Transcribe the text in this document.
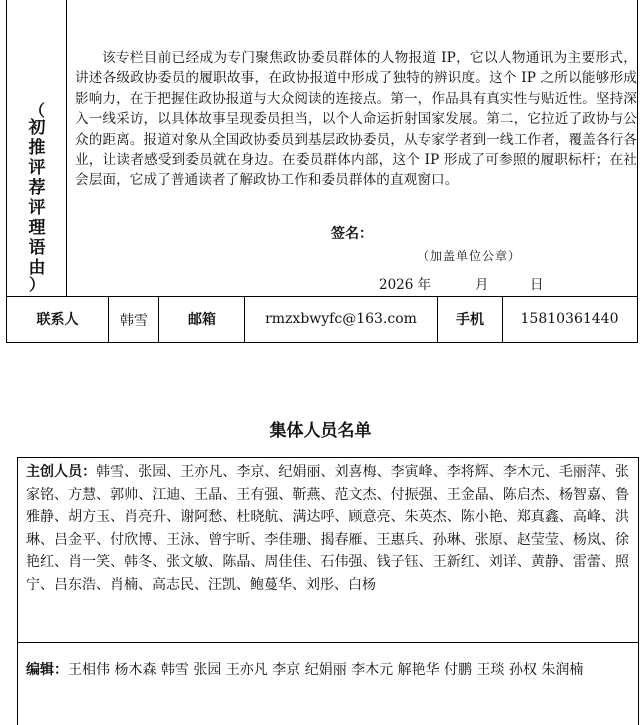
（
初
推
评
荐
评
理
语
由
）
该专栏目前已经成为专门聚焦政协委员群体的人物报道 IP，它以人物通讯为主要形式，讲述各级政协委员的履职故事，在政协报道中形成了独特的辨识度。这个 IP 之所以能够形成影响力，在于把握住政协报道与大众阅读的连接点。第一，作品具有真实性与贴近性。坚持深入一线采访，以具体故事呈现委员担当，以个人命运折射国家发展。第二，它拉近了政协与公众的距离。报道对象从全国政协委员到基层政协委员，从专家学者到一线工作者，覆盖各行各业，让读者感受到委员就在身边。在委员群体内部，这个 IP 形成了可参照的履职标杆；在社会层面，它成了普通读者了解政协工作和委员群体的直观窗口。
签名：
（加盖单位公章）
2026 年	月	日
联系人	韩雪	邮箱	rmzxbwyfc@163.com	手机	15810361440
集体人员名单
主创人员：韩雪、张园、王亦凡、李京、纪娟丽、刘喜梅、李寅峰、李将辉、李木元、毛丽萍、张家铭、方慧、郭帅、江迪、王晶、王有强、靳燕、范文杰、付振强、王金晶、陈启杰、杨智嘉、鲁雅静、胡方玉、肖亮升、谢阿愁、杜晓航、满达呼、顾意亮、朱英杰、陈小艳、郑真鑫、高峰、洪琳、吕金平、付欣博、王泳、曾宇昕、李佳珊、揭春雁、王惠兵、孙琳、张原、赵莹莹、杨岚、徐艳红、肖一笑、韩冬、张文敏、陈晶、周佳佳、石伟强、钱子钰、王新红、刘详、黄静、雷蕾、照宁、吕东浩、肖楠、高志民、汪凯、鲍蔓华、刘彤、白杨
编辑：王相伟 杨木森 韩雪 张园 王亦凡 李京 纪娟丽 李木元 解艳华 付鹏 王琰 孙权 朱润楠
